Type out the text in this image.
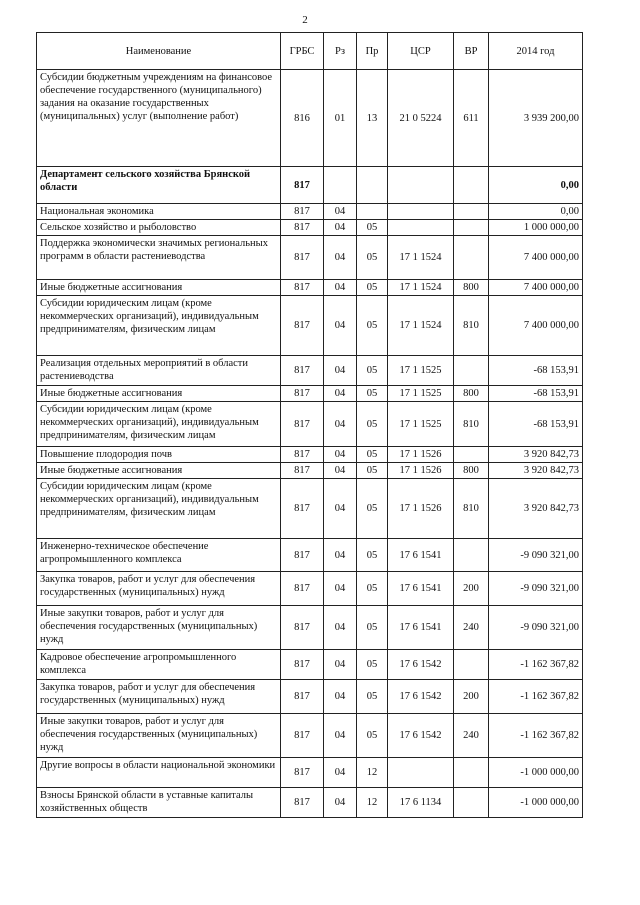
2
Наименование	ГРБС	Рз	Пр	ЦСР	ВР	2014 год
Субсидии бюджетным учреждениям на финансовое обеспечение государственного (муниципального) задания на оказание государственных (муниципальных) услуг (выполнение работ)	816	01	13	21 0 5224	611	3 939 200,00
Департамент сельского хозяйства Брянской области	817					0,00
Национальная экономика	817	04				0,00
Сельское хозяйство и рыболовство	817	04	05			1 000 000,00
Поддержка экономически значимых региональных программ в области растениеводства	817	04	05	17 1 1524		7 400 000,00
Иные бюджетные ассигнования	817	04	05	17 1 1524	800	7 400 000,00
Субсидии юридическим лицам (кроме некоммерческих организаций), индивидуальным предпринимателям, физическим лицам	817	04	05	17 1 1524	810	7 400 000,00
Реализация отдельных мероприятий в области растениеводства	817	04	05	17 1 1525		-68 153,91
Иные бюджетные ассигнования	817	04	05	17 1 1525	800	-68 153,91
Субсидии юридическим лицам (кроме некоммерческих организаций), индивидуальным предпринимателям, физическим лицам	817	04	05	17 1 1525	810	-68 153,91
Повышение плодородия почв	817	04	05	17 1 1526		3 920 842,73
Иные бюджетные ассигнования	817	04	05	17 1 1526	800	3 920 842,73
Субсидии юридическим лицам (кроме некоммерческих организаций), индивидуальным предпринимателям, физическим лицам	817	04	05	17 1 1526	810	3 920 842,73
Инженерно-техническое обеспечение агропромышленного комплекса	817	04	05	17 6 1541		-9 090 321,00
Закупка товаров, работ и услуг для обеспечения государственных (муниципальных) нужд	817	04	05	17 6 1541	200	-9 090 321,00
Иные закупки товаров, работ и услуг для обеспечения государственных (муниципальных) нужд	817	04	05	17 6 1541	240	-9 090 321,00
Кадровое обеспечение агропромышленного комплекса	817	04	05	17 6 1542		-1 162 367,82
Закупка товаров, работ и услуг для обеспечения государственных (муниципальных) нужд	817	04	05	17 6 1542	200	-1 162 367,82
Иные закупки товаров, работ и услуг для обеспечения государственных (муниципальных) нужд	817	04	05	17 6 1542	240	-1 162 367,82
Другие вопросы в области национальной экономики	817	04	12			-1 000 000,00
Взносы Брянской области в уставные капиталы хозяйственных обществ	817	04	12	17 6 1134		-1 000 000,00
